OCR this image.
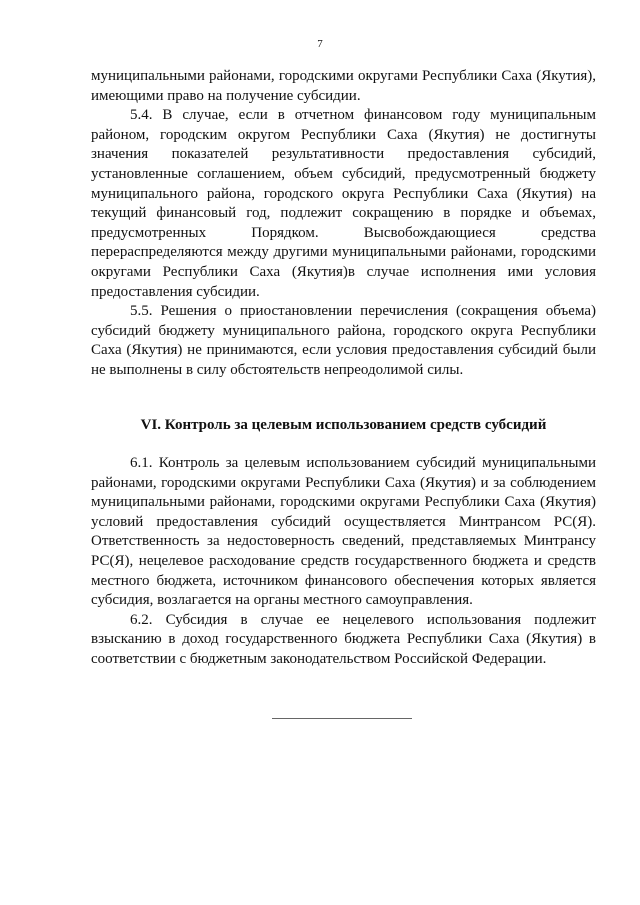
7

муниципальными районами, городскими округами Республики Саха (Якутия), имеющими право на получение субсидии.

5.4. В случае, если в отчетном финансовом году муниципальным районом, городским округом Республики Саха (Якутия) не достигнуты значения показателей результативности предоставления субсидий, установленные соглашением, объем субсидий, предусмотренный бюджету муниципального района, городского округа Республики Саха (Якутия) на текущий финансовый год, подлежит сокращению в порядке и объемах, предусмотренных Порядком. Высвобождающиеся средства перераспределяются между другими муниципальными районами, городскими округами Республики Саха (Якутия)в случае исполнения ими условия предоставления субсидии.

5.5. Решения о приостановлении перечисления (сокращения объема) субсидий бюджету муниципального района, городского округа Республики Саха (Якутия) не принимаются, если условия предоставления субсидий были не выполнены в силу обстоятельств непреодолимой силы.

VI. Контроль за целевым использованием средств субсидий

6.1. Контроль за целевым использованием субсидий муниципальными районами, городскими округами Республики Саха (Якутия) и за соблюдением муниципальными районами, городскими округами Республики Саха (Якутия) условий предоставления субсидий осуществляется Минтрансом РС(Я). Ответственность за недостоверность сведений, представляемых Минтрансу РС(Я), нецелевое расходование средств государственного бюджета и средств местного бюджета, источником финансового обеспечения которых является субсидия, возлагается на органы местного самоуправления.

6.2. Субсидия в случае ее нецелевого использования подлежит взысканию в доход государственного бюджета Республики Саха (Якутия) в соответствии с бюджетным законодательством Российской Федерации.
